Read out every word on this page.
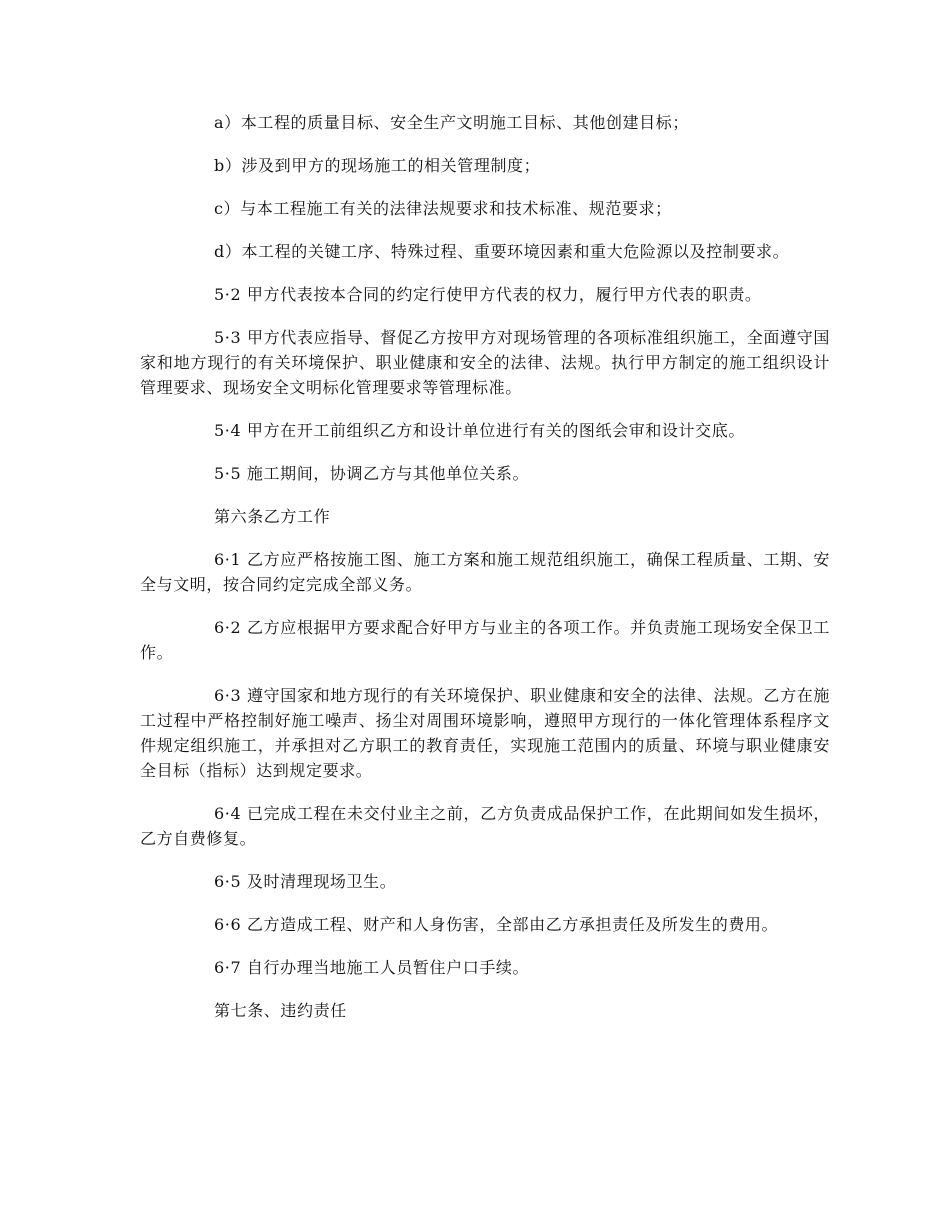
a）本工程的质量目标、安全生产文明施工目标、其他创建目标；

b）涉及到甲方的现场施工的相关管理制度；

c）与本工程施工有关的法律法规要求和技术标准、规范要求；

d）本工程的关键工序、特殊过程、重要环境因素和重大危险源以及控制要求。

5·2 甲方代表按本合同的约定行使甲方代表的权力，履行甲方代表的职责。

5·3 甲方代表应指导、督促乙方按甲方对现场管理的各项标准组织施工，全面遵守国家和地方现行的有关环境保护、职业健康和安全的法律、法规。执行甲方制定的施工组织设计管理要求、现场安全文明标化管理要求等管理标准。

5·4 甲方在开工前组织乙方和设计单位进行有关的图纸会审和设计交底。

5·5 施工期间，协调乙方与其他单位关系。

第六条乙方工作

6·1 乙方应严格按施工图、施工方案和施工规范组织施工，确保工程质量、工期、安全与文明，按合同约定完成全部义务。

6·2 乙方应根据甲方要求配合好甲方与业主的各项工作。并负责施工现场安全保卫工作。

6·3 遵守国家和地方现行的有关环境保护、职业健康和安全的法律、法规。乙方在施工过程中严格控制好施工噪声、扬尘对周围环境影响，遵照甲方现行的一体化管理体系程序文件规定组织施工，并承担对乙方职工的教育责任，实现施工范围内的质量、环境与职业健康安全目标（指标）达到规定要求。

6·4 已完成工程在未交付业主之前，乙方负责成品保护工作，在此期间如发生损坏，乙方自费修复。

6·5 及时清理现场卫生。

6·6 乙方造成工程、财产和人身伤害，全部由乙方承担责任及所发生的费用。

6·7 自行办理当地施工人员暂住户口手续。

第七条、违约责任
